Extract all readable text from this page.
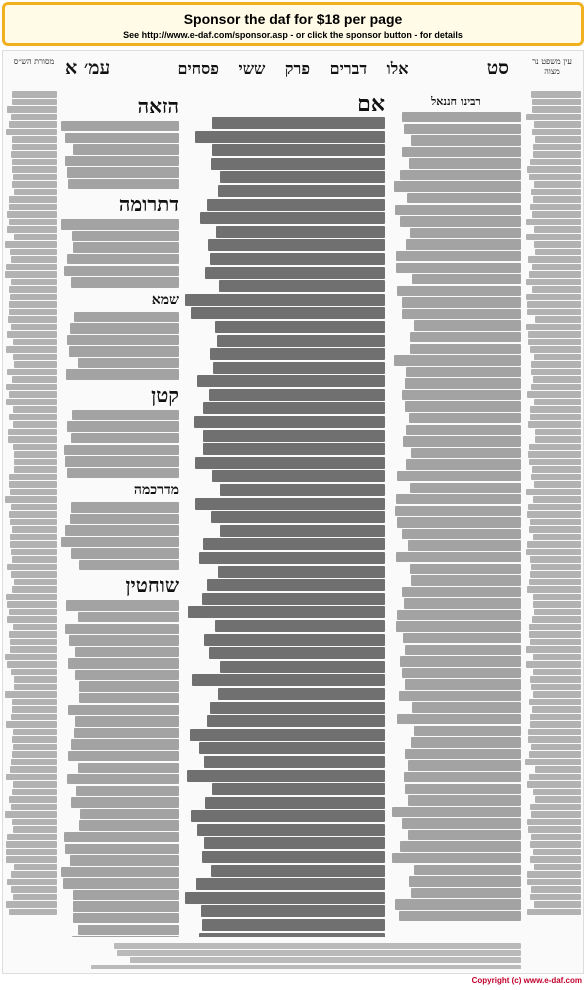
Sponsor the daf for $18 per page
See http://www.e-daf.com/sponsor.asp - or click the sponsor button - for details
עין משפט נר מצוה
סט
אלו דברים פרק ששי פסחים
עמ׳ א
מסורת הש״ס
רבינו חננאל
אם
הזאה
דתרומה
שמא
קטן
מדרכמה
שוחטין
Copyright (c) www.e-daf.com
